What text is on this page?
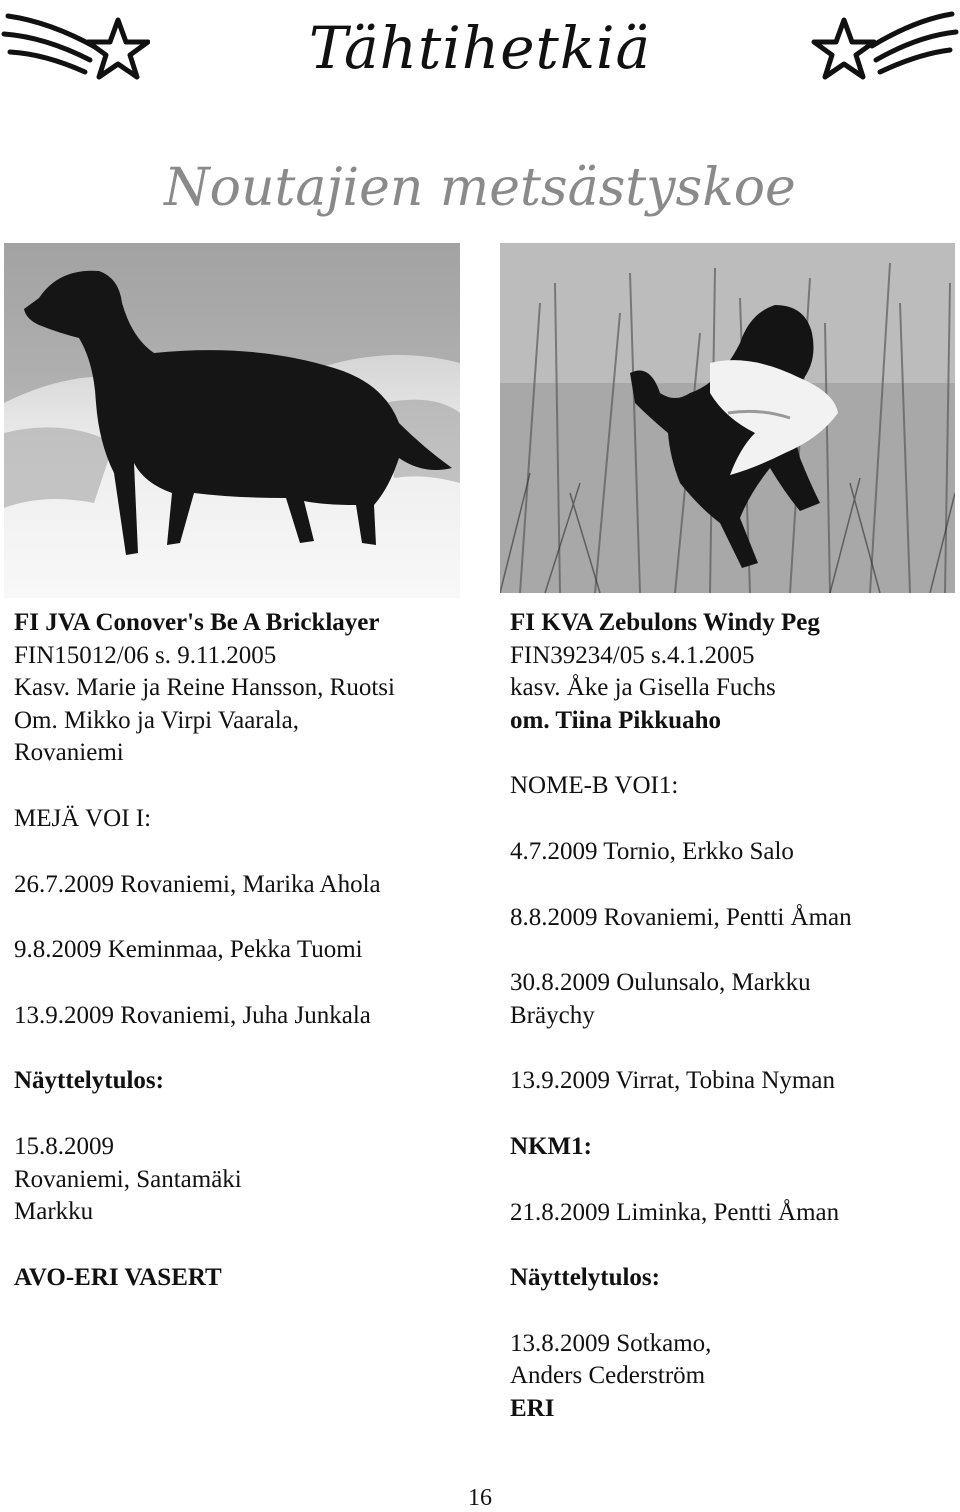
Tähtihetkiä
Noutajien metsästyskoe
FI JVA Conover's Be A Bricklayer
FIN15012/06 s. 9.11.2005
Kasv. Marie ja Reine Hansson, Ruotsi
Om. Mikko ja Virpi Vaarala,
Rovaniemi
MEJÄ VOI I:
26.7.2009 Rovaniemi, Marika Ahola
9.8.2009 Keminmaa, Pekka Tuomi
13.9.2009 Rovaniemi, Juha Junkala
Näyttelytulos:
15.8.2009
Rovaniemi, Santamäki
Markku
AVO-ERI VASERT
FI KVA Zebulons Windy Peg
FIN39234/05 s.4.1.2005
kasv. Åke ja Gisella Fuchs
om. Tiina Pikkuaho
NOME-B VOI1:
4.7.2009 Tornio, Erkko Salo
8.8.2009 Rovaniemi, Pentti Åman
30.8.2009 Oulunsalo, Markku
Bräychy
13.9.2009 Virrat, Tobina Nyman
NKM1:
21.8.2009 Liminka, Pentti Åman
Näyttelytulos:
13.8.2009 Sotkamo,
Anders Cederström
ERI
16
